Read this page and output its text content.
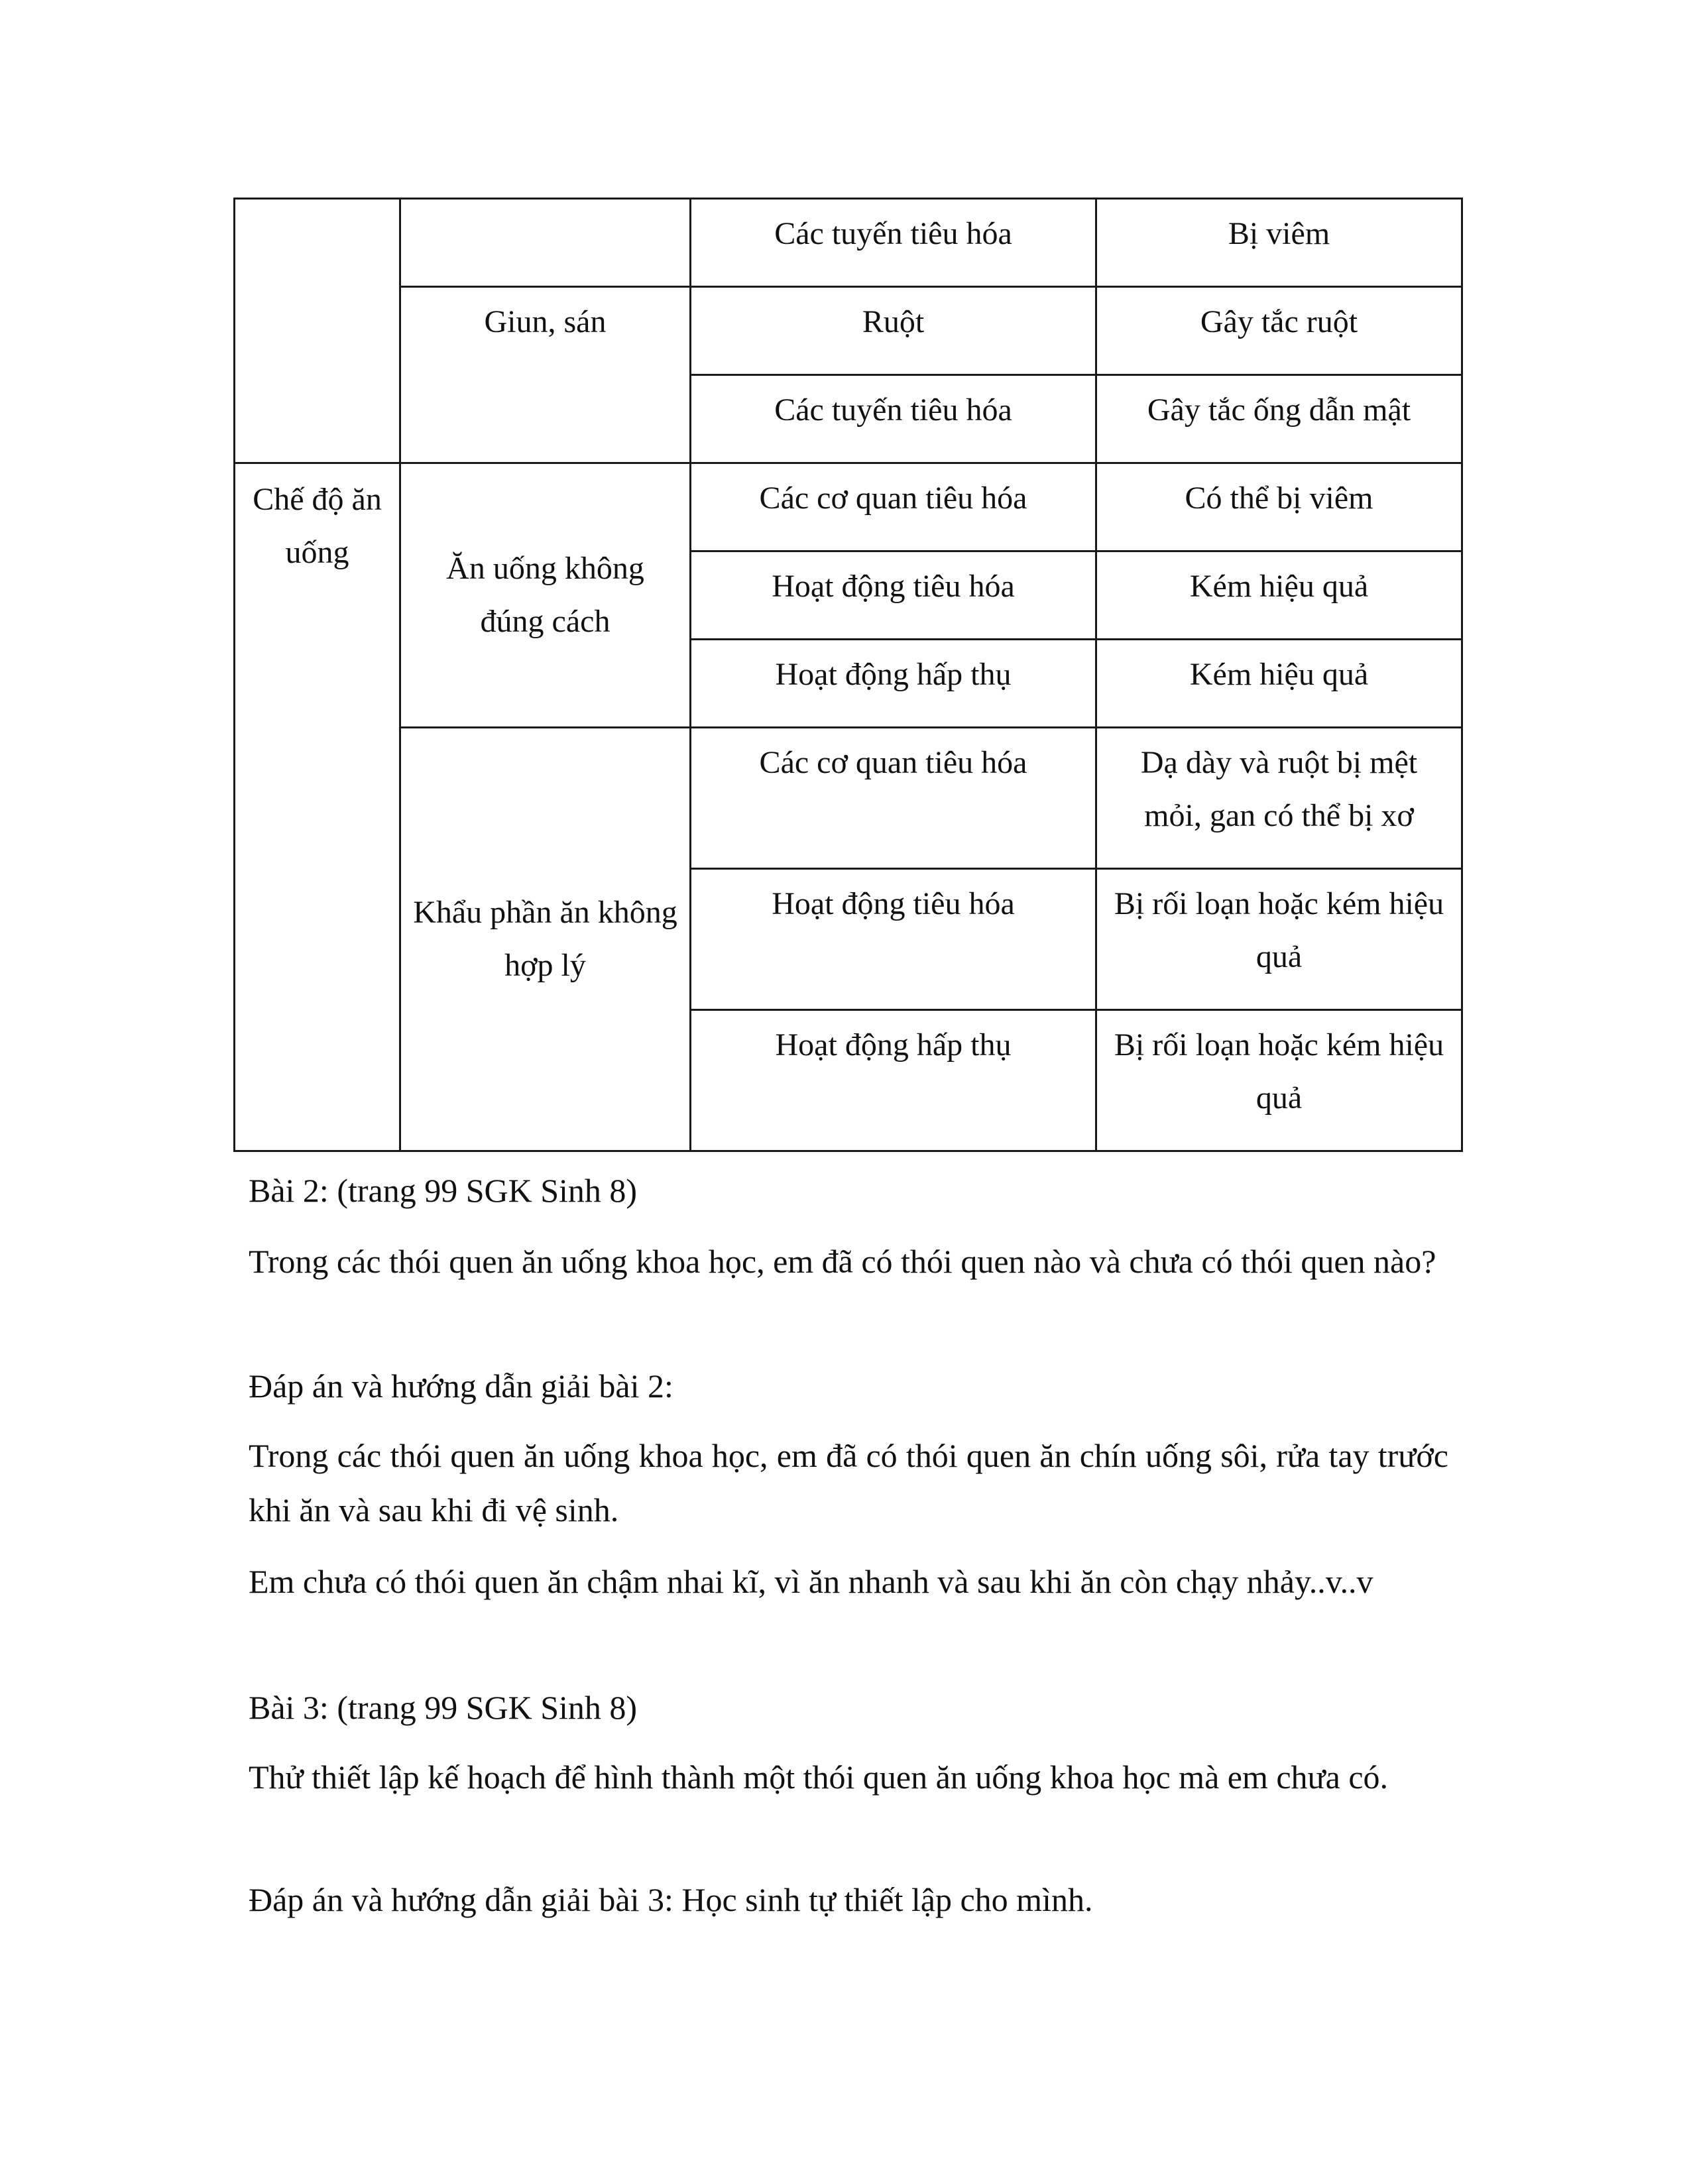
		Các tuyến tiêu hóa	Bị viêm

	Giun, sán	Ruột	Gây tắc ruột

		Các tuyến tiêu hóa	Gây tắc ống dẫn mật

Chế độ ăn uống	Ăn uống không đúng cách	Các cơ quan tiêu hóa	Có thể bị viêm

		Hoạt động tiêu hóa	Kém hiệu quả

		Hoạt động hấp thụ	Kém hiệu quả

	Khẩu phần ăn không hợp lý	Các cơ quan tiêu hóa	Dạ dày và ruột bị mệt mỏi, gan có thể bị xơ

		Hoạt động tiêu hóa	Bị rối loạn hoặc kém hiệu quả

		Hoạt động hấp thụ	Bị rối loạn hoặc kém hiệu quả

Bài 2: (trang 99 SGK Sinh 8)

Trong các thói quen ăn uống khoa học, em đã có thói quen nào và chưa có thói quen nào?

Đáp án và hướng dẫn giải bài 2:

Trong các thói quen ăn uống khoa học, em đã có thói quen ăn chín uống sôi, rửa tay trước khi ăn và sau khi đi vệ sinh.

Em chưa có thói quen ăn chậm nhai kĩ, vì ăn nhanh và sau khi ăn còn chạy nhảy..v..v

Bài 3: (trang 99 SGK Sinh 8)

Thử thiết lập kế hoạch để hình thành một thói quen ăn uống khoa học mà em chưa có.

Đáp án và hướng dẫn giải bài 3: Học sinh tự thiết lập cho mình.
